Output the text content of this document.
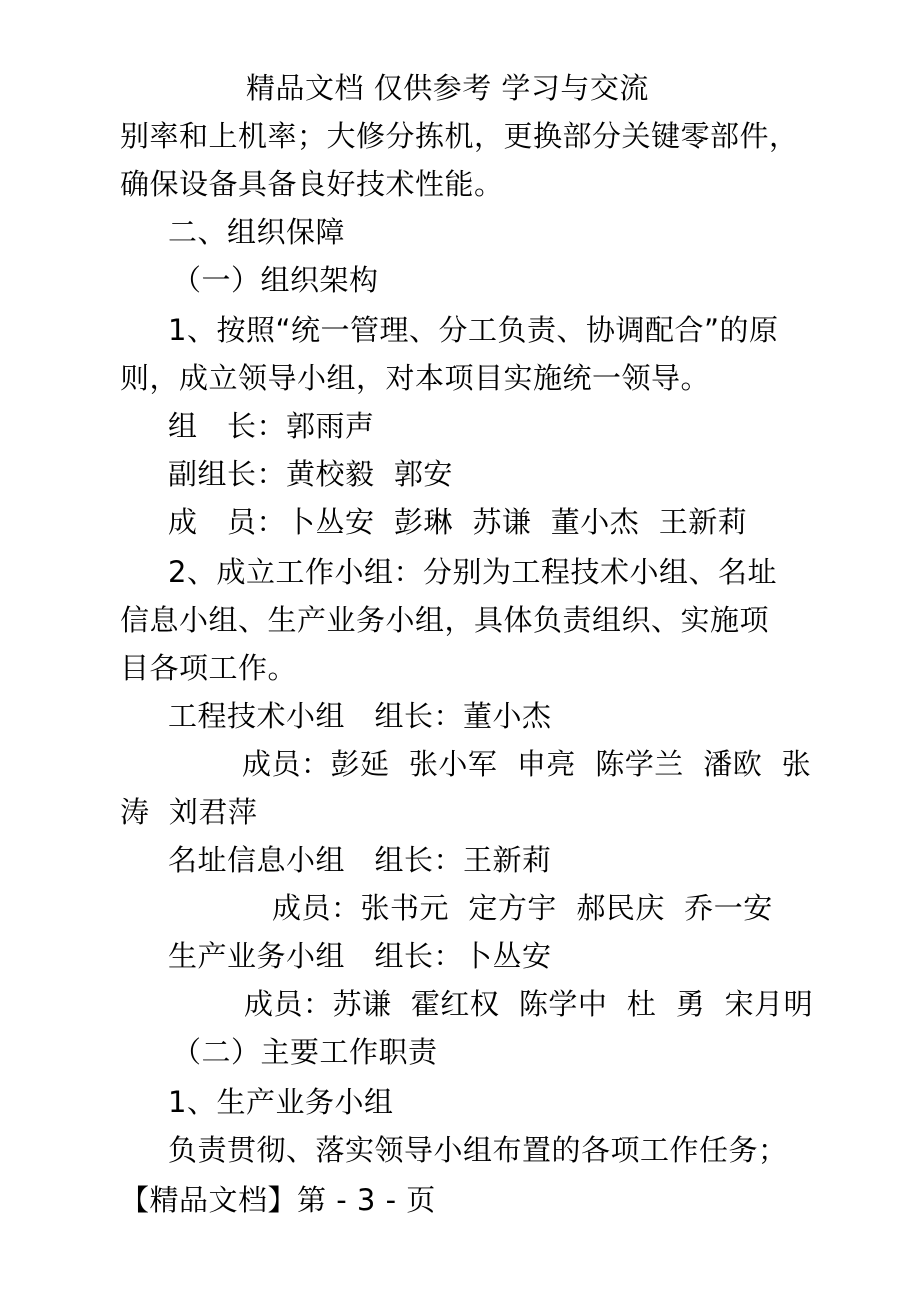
精品文档 仅供参考 学习与交流
别率和上机率；大修分拣机，更换部分关键零部件，
确保设备具备良好技术性能。
二、组织保障
（一）组织架构
1、按照“统一管理、分工负责、协调配合”的原
则，成立领导小组，对本项目实施统一领导。
组　长：郭雨声
副组长：黄校毅  郭安
成　员：卜丛安  彭琳  苏谦  董小杰  王新莉
2、成立工作小组：分别为工程技术小组、名址
信息小组、生产业务小组，具体负责组织、实施项
目各项工作。
工程技术小组　组长：董小杰
成员：彭延  张小军  申亮  陈学兰  潘欧  张
涛  刘君萍
名址信息小组　组长：王新莉
成员：张书元  定方宇  郝民庆  乔一安
生产业务小组　组长：卜丛安
成员：苏谦  霍红权  陈学中  杜  勇  宋月明
（二）主要工作职责
1、生产业务小组
负责贯彻、落实领导小组布置的各项工作任务；
【精品文档】第 - 3 - 页
